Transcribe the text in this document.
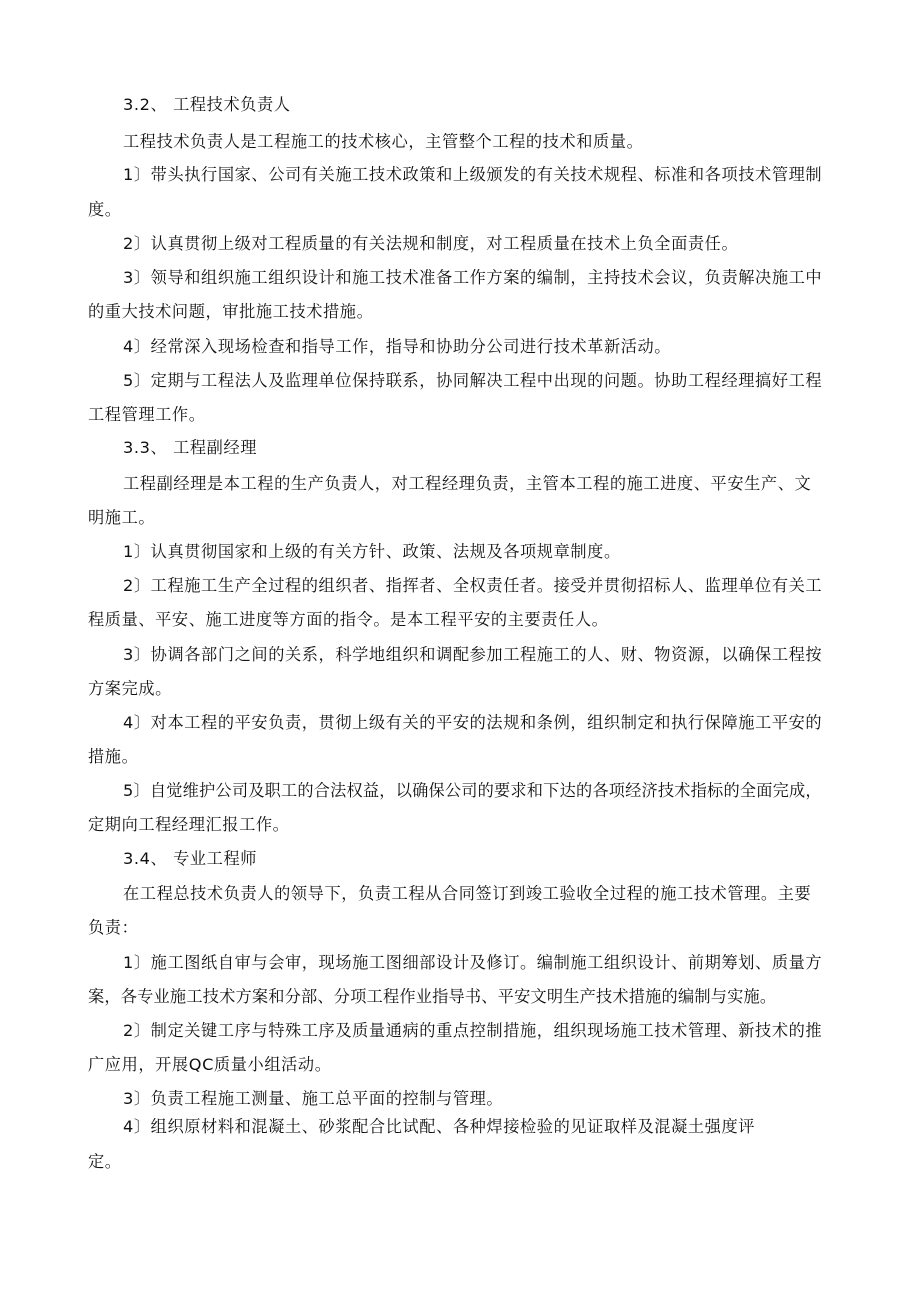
3.2、 工程技术负责人
工程技术负责人是工程施工的技术核心，主管整个工程的技术和质量。
1〕带头执行国家、公司有关施工技术政策和上级颁发的有关技术规程、标准和各项技术管理制
度。
2〕认真贯彻上级对工程质量的有关法规和制度，对工程质量在技术上负全面责任。
3〕领导和组织施工组织设计和施工技术准备工作方案的编制，主持技术会议，负责解决施工中
的重大技术问题，审批施工技术措施。
4〕经常深入现场检查和指导工作，指导和协助分公司进行技术革新活动。
5〕定期与工程法人及监理单位保持联系，协同解决工程中出现的问题。协助工程经理搞好工程
工程管理工作。
3.3、 工程副经理
工程副经理是本工程的生产负责人，对工程经理负责，主管本工程的施工进度、平安生产、文
明施工。
1〕认真贯彻国家和上级的有关方针、政策、法规及各项规章制度。
2〕工程施工生产全过程的组织者、指挥者、全权责任者。接受并贯彻招标人、监理单位有关工
程质量、平安、施工进度等方面的指令。是本工程平安的主要责任人。
3〕协调各部门之间的关系，科学地组织和调配参加工程施工的人、财、物资源，以确保工程按
方案完成。
4〕对本工程的平安负责，贯彻上级有关的平安的法规和条例，组织制定和执行保障施工平安的
措施。
5〕自觉维护公司及职工的合法权益，以确保公司的要求和下达的各项经济技术指标的全面完成，
定期向工程经理汇报工作。
3.4、 专业工程师
在工程总技术负责人的领导下，负责工程从合同签订到竣工验收全过程的施工技术管理。主要
负责：
1〕施工图纸自审与会审，现场施工图细部设计及修订。编制施工组织设计、前期筹划、质量方
案，各专业施工技术方案和分部、分项工程作业指导书、平安文明生产技术措施的编制与实施。
2〕制定关键工序与特殊工序及质量通病的重点控制措施，组织现场施工技术管理、新技术的推
广应用，开展QC质量小组活动。
3〕负责工程施工测量、施工总平面的控制与管理。
4〕组织原材料和混凝土、砂浆配合比试配、各种焊接检验的见证取样及混凝土强度评
定。
